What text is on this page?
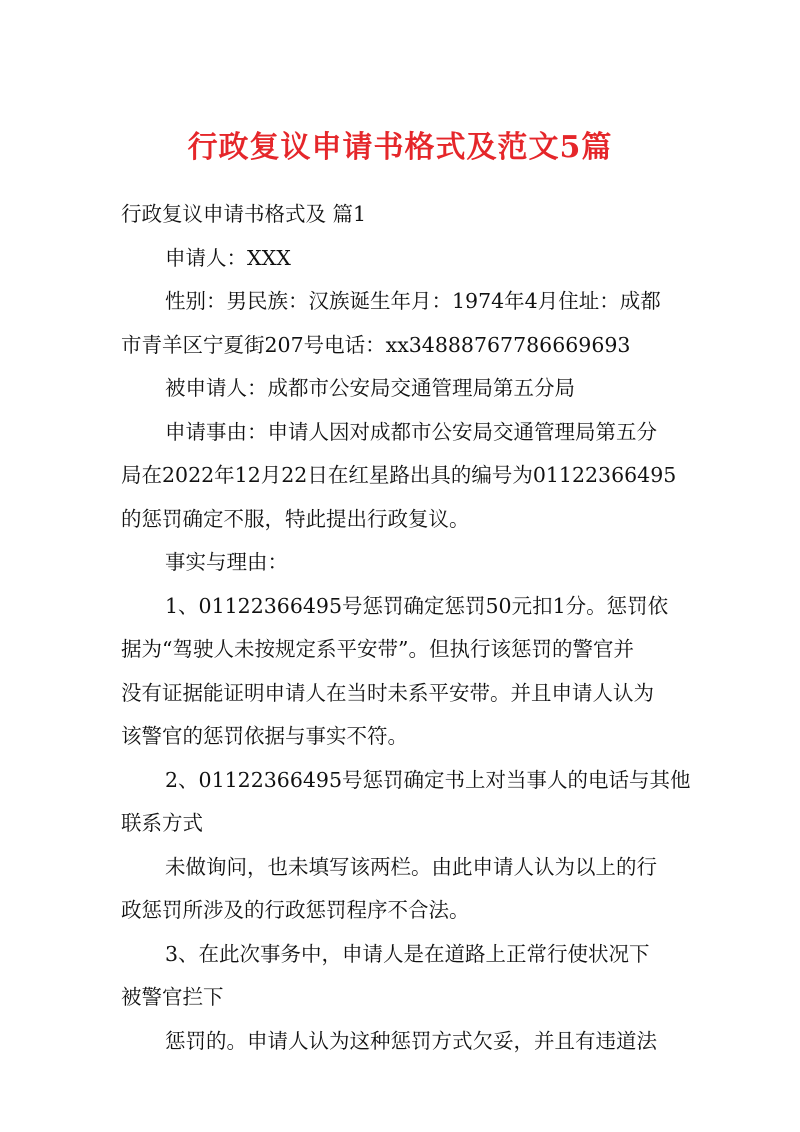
行政复议申请书格式及范文5篇

行政复议申请书格式及 篇1

申请人：XXX

性别：男民族：汉族诞生年月：1974年4月住址：成都

市青羊区宁夏街207号电话：xx34888767786669693

被申请人：成都市公安局交通管理局第五分局

申请事由：申请人因对成都市公安局交通管理局第五分

局在2022年12月22日在红星路出具的编号为01122366495

的惩罚确定不服，特此提出行政复议。

事实与理由：

1、01122366495号惩罚确定惩罚50元扣1分。惩罚依

据为“驾驶人未按规定系平安带”。但执行该惩罚的警官并

没有证据能证明申请人在当时未系平安带。并且申请人认为

该警官的惩罚依据与事实不符。

2、01122366495号惩罚确定书上对当事人的电话与其他

联系方式

未做询问，也未填写该两栏。由此申请人认为以上的行

政惩罚所涉及的行政惩罚程序不合法。

3、在此次事务中，申请人是在道路上正常行使状况下

被警官拦下

惩罚的。申请人认为这种惩罚方式欠妥，并且有违道法
